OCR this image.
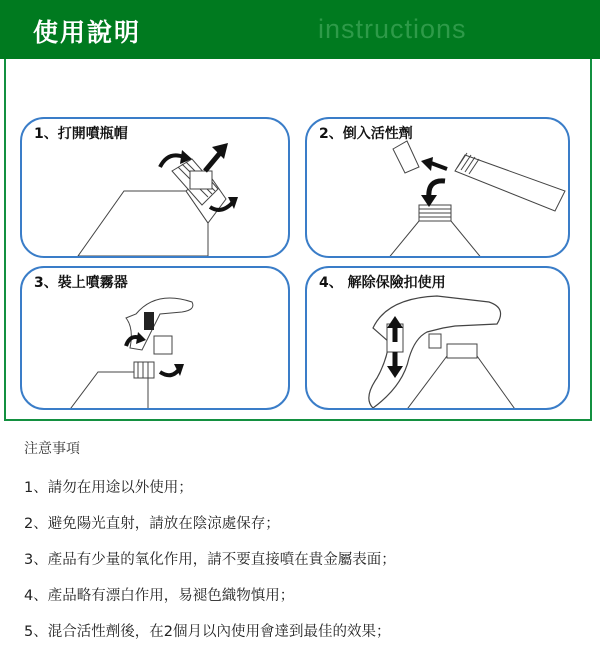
使用說明	instructions
1、打開噴瓶帽	2、倒入活性劑
3、裝上噴霧器	4、 解除保險扣使用
注意事項
1、請勿在用途以外使用；
2、避免陽光直射，請放在陰涼處保存；
3、產品有少量的氧化作用，請不要直接噴在貴金屬表面；
4、產品略有漂白作用，易褪色織物慎用；
5、混合活性劑後，在2個月以內使用會達到最佳的效果；
